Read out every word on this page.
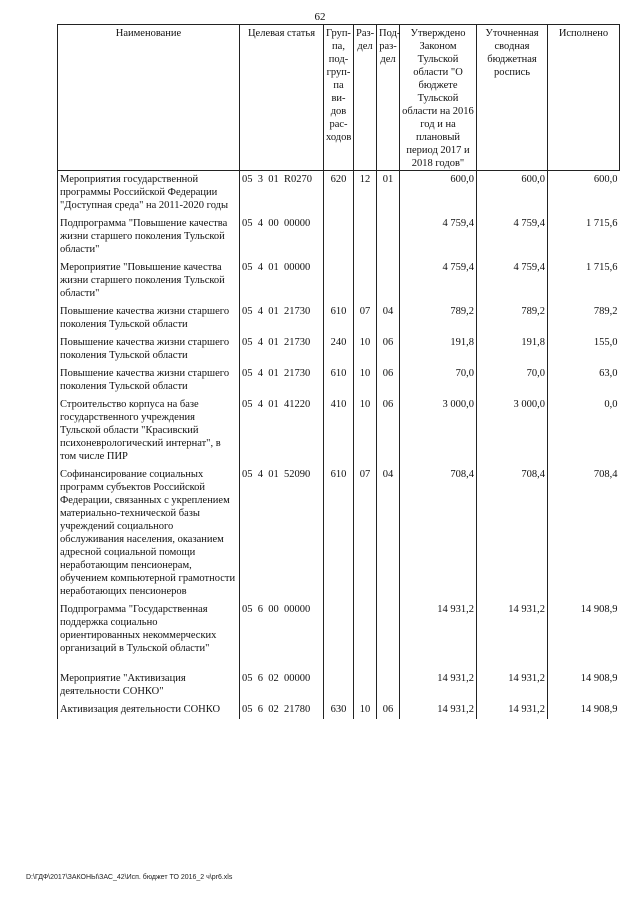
62
Наименование	Целевая статья	Груп-па, под-груп-па ви-дов рас-ходов	Раз-дел	Под-раз-дел	Утверждено Законом Тульской области "О бюджете Тульской области на 2016 год и на плановый период 2017 и 2018 годов"	Уточненная сводная бюджетная роспись	Исполнено
Мероприятия государственной программы Российской Федерации "Доступная среда" на 2011-2020 годы	05  3  01  R0270	620	12	01	600,0	600,0	600,0
Подпрограмма "Повышение качества жизни старшего поколения Тульской области"	05  4  00  00000				4 759,4	4 759,4	1 715,6
Мероприятие "Повышение качества жизни старшего поколения Тульской области"	05  4  01  00000				4 759,4	4 759,4	1 715,6
Повышение качества жизни старшего поколения Тульской области	05  4  01  21730	610	07	04	789,2	789,2	789,2
Повышение качества жизни старшего поколения Тульской области	05  4  01  21730	240	10	06	191,8	191,8	155,0
Повышение качества жизни старшего поколения Тульской области	05  4  01  21730	610	10	06	70,0	70,0	63,0
Строительство корпуса на базе государственного учреждения Тульской области "Красивский психоневрологический интернат", в том числе ПИР	05  4  01  41220	410	10	06	3 000,0	3 000,0	0,0
Софинансирование социальных программ субъектов Российской Федерации, связанных с укреплением материально-технической базы учреждений социального обслуживания населения, оказанием адресной социальной помощи неработающим пенсионерам, обучением компьютерной грамотности неработающих пенсионеров	05  4  01  52090	610	07	04	708,4	708,4	708,4
Подпрограмма "Государственная поддержка социально ориентированных некоммерческих организаций в Тульской области"	05  6  00  00000				14 931,2	14 931,2	14 908,9

Мероприятие "Активизация деятельности СОНКО"	05  6  02  00000				14 931,2	14 931,2	14 908,9
Активизация деятельности СОНКО	05  6  02  21780	630	10	06	14 931,2	14 931,2	14 908,9
D:\ГДФ\2017\ЗАКОНЫ\ЗАС_42\Исп. бюджет ТО 2016_2 ч\pr6.xls
